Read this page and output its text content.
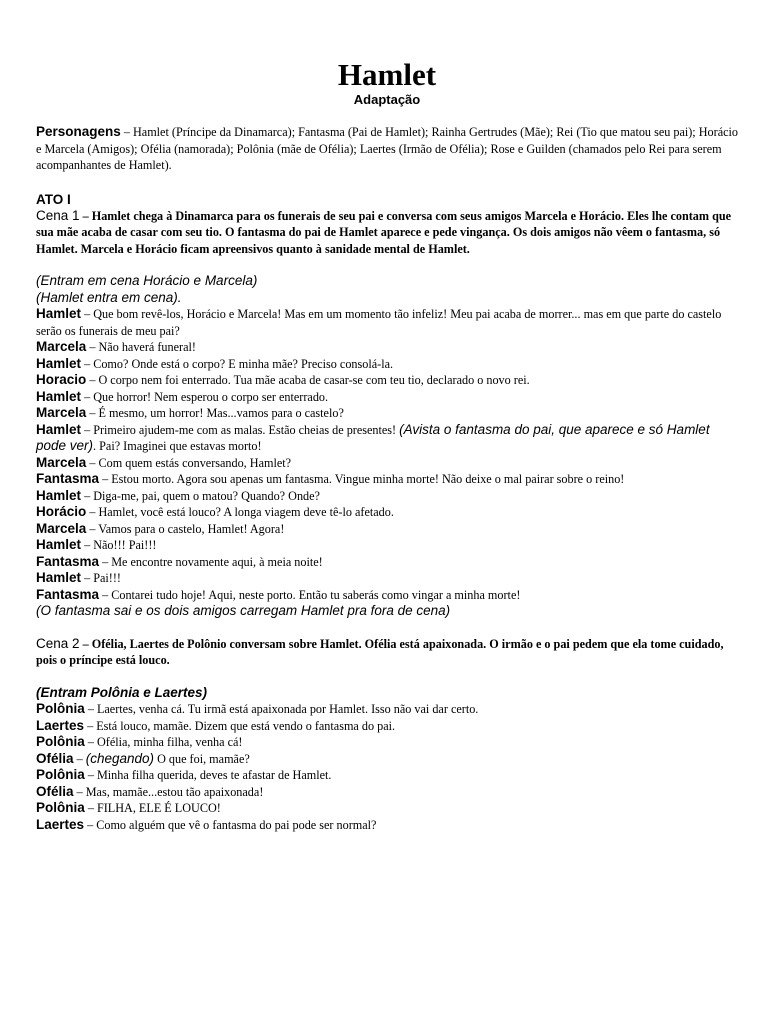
Hamlet

Adaptação

Personagens – Hamlet (Príncipe da Dinamarca); Fantasma (Pai de Hamlet); Rainha Gertrudes (Mãe); Rei (Tio que matou seu pai); Horácio e Marcela (Amigos); Ofélia (namorada); Polônia (mãe de Ofélia); Laertes (Irmão de Ofélia); Rose e Guilden (chamados pelo Rei para serem acompanhantes de Hamlet).

ATO I

Cena 1 – Hamlet chega à Dinamarca para os funerais de seu pai e conversa com seus amigos Marcela e Horácio. Eles lhe contam que sua mãe acaba de casar com seu tio. O fantasma do pai de Hamlet aparece e pede vingança. Os dois amigos não vêem o fantasma, só Hamlet. Marcela e Horácio ficam apreensivos quanto à sanidade mental de Hamlet.

(Entram em cena Horácio e Marcela)

(Hamlet entra em cena).

Hamlet – Que bom revê-los, Horácio e Marcela! Mas em um momento tão infeliz! Meu pai acaba de morrer... mas em que parte do castelo serão os funerais de meu pai?

Marcela – Não haverá funeral!

Hamlet – Como? Onde está o corpo? E minha mãe? Preciso consolá-la.

Horacio – O corpo nem foi enterrado. Tua mãe acaba de casar-se com teu tio, declarado o novo rei.

Hamlet – Que horror! Nem esperou o corpo ser enterrado.

Marcela – É mesmo, um horror! Mas...vamos para o castelo?

Hamlet – Primeiro ajudem-me com as malas. Estão cheias de presentes! (Avista o fantasma do pai, que aparece e só Hamlet pode ver). Pai? Imaginei que estavas morto!

Marcela – Com quem estás conversando, Hamlet?

Fantasma – Estou morto. Agora sou apenas um fantasma. Vingue minha morte! Não deixe o mal pairar sobre o reino!

Hamlet – Diga-me, pai, quem o matou? Quando? Onde?

Horácio – Hamlet, você está louco? A longa viagem deve tê-lo afetado.

Marcela – Vamos para o castelo, Hamlet! Agora!

Hamlet – Não!!! Pai!!!

Fantasma – Me encontre novamente aqui, à meia noite!

Hamlet – Pai!!!

Fantasma – Contarei tudo hoje! Aqui, neste porto. Então tu saberás como vingar a minha morte!

(O fantasma sai e os dois amigos carregam Hamlet pra fora de cena)

Cena 2 – Ofélia, Laertes de Polônio conversam sobre Hamlet. Ofélia está apaixonada. O irmão e o pai pedem que ela tome cuidado, pois o príncipe está louco.

(Entram Polônia e Laertes)

Polônia – Laertes, venha cá. Tu irmã está apaixonada por Hamlet. Isso não vai dar certo.

Laertes – Está louco, mamãe. Dizem que está vendo o fantasma do pai.

Polônia – Ofélia, minha filha, venha cá!

Ofélia – (chegando) O que foi, mamãe?

Polônia – Minha filha querida, deves te afastar de Hamlet.

Ofélia – Mas, mamãe...estou tão apaixonada!

Polônia – FILHA, ELE É LOUCO!

Laertes – Como alguém que vê o fantasma do pai pode ser normal?
